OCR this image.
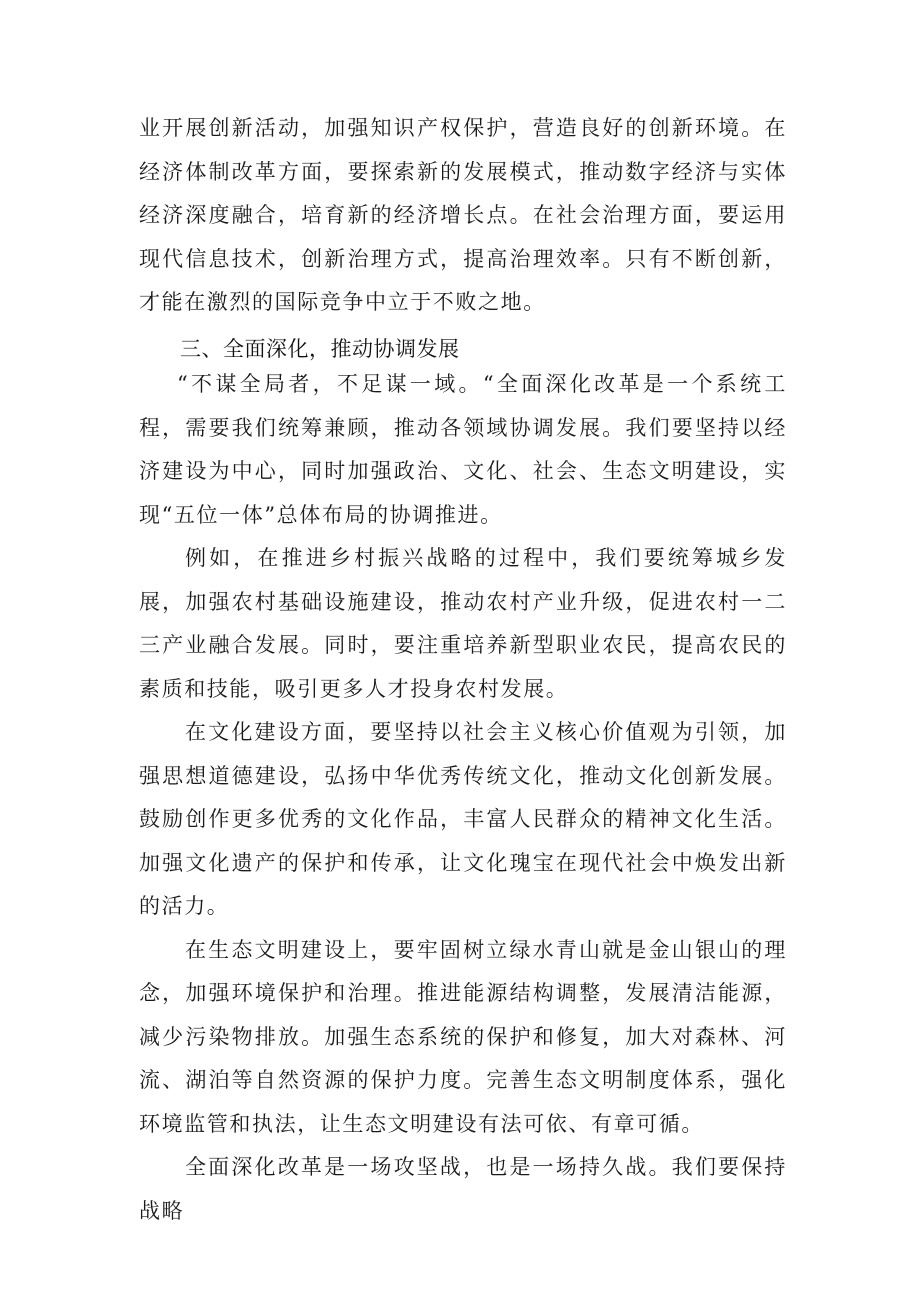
业开展创新活动，加强知识产权保护，营造良好的创新环境。在经济体制改革方面，要探索新的发展模式，推动数字经济与实体经济深度融合，培育新的经济增长点。在社会治理方面，要运用现代信息技术，创新治理方式，提高治理效率。只有不断创新，才能在激烈的国际竞争中立于不败之地。

三、全面深化，推动协调发展

“不谋全局者，不足谋一域。“全面深化改革是一个系统工程，需要我们统筹兼顾，推动各领域协调发展。我们要坚持以经济建设为中心，同时加强政治、文化、社会、生态文明建设，实现“五位一体”总体布局的协调推进。

例如，在推进乡村振兴战略的过程中，我们要统筹城乡发展，加强农村基础设施建设，推动农村产业升级，促进农村一二三产业融合发展。同时，要注重培养新型职业农民，提高农民的素质和技能，吸引更多人才投身农村发展。

在文化建设方面，要坚持以社会主义核心价值观为引领，加强思想道德建设，弘扬中华优秀传统文化，推动文化创新发展。鼓励创作更多优秀的文化作品，丰富人民群众的精神文化生活。加强文化遗产的保护和传承，让文化瑰宝在现代社会中焕发出新的活力。

在生态文明建设上，要牢固树立绿水青山就是金山银山的理念，加强环境保护和治理。推进能源结构调整，发展清洁能源，减少污染物排放。加强生态系统的保护和修复，加大对森林、河流、湖泊等自然资源的保护力度。完善生态文明制度体系，强化环境监管和执法，让生态文明建设有法可依、有章可循。

全面深化改革是一场攻坚战，也是一场持久战。我们要保持战略
